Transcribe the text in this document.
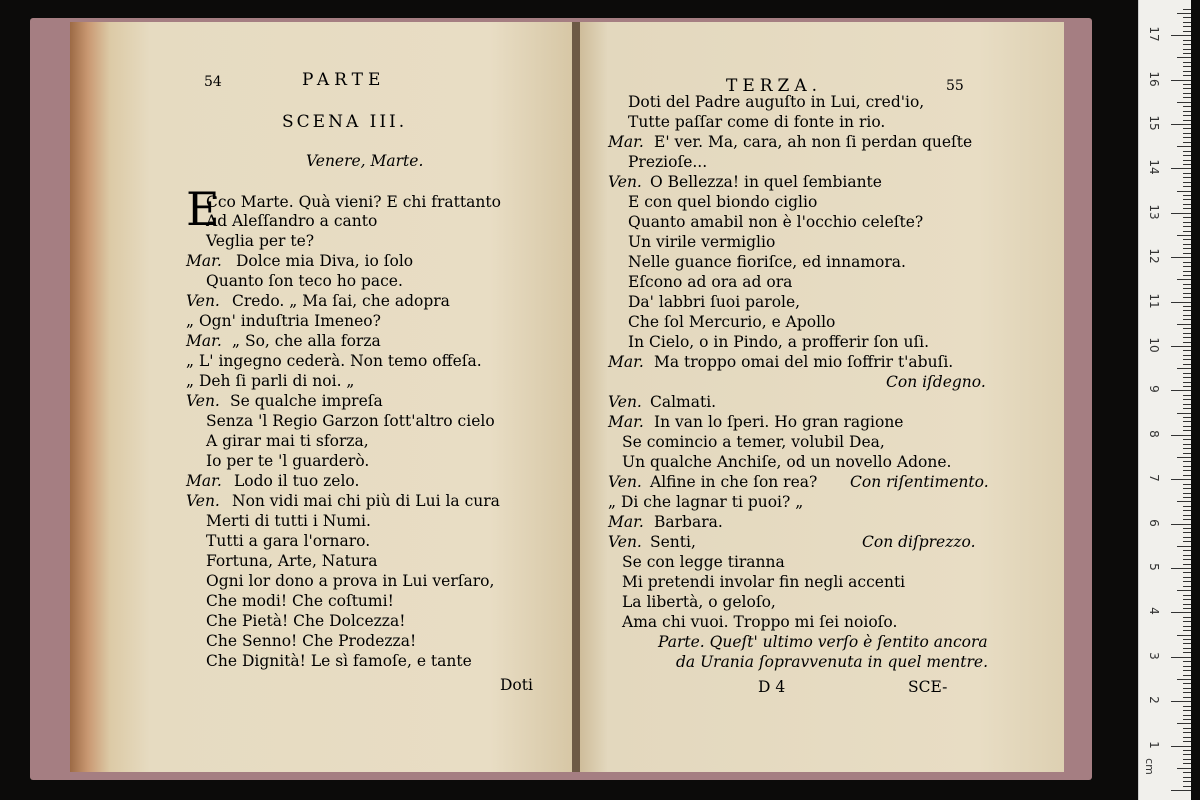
54	PARTE
SCENA III.
Venere, Marte.
E
Doti
TERZA.	55
D 4	SCE-
Cco Marte. Quà vieni? E chi frattanto
Ad Aleſſandro a canto
Veglia per te?
Mar. Dolce mia Diva, io ſolo
Quanto ſon teco ho pace.
Ven. Credo. „ Ma ſai, che adopra
„ Ogn' induſtria Imeneo?
Mar. „ So, che alla forza
„ L' ingegno cederà. Non temo offeſa.
„ Deh ſi parli di noi. „
Ven. Se qualche impreſa
Senza 'l Regio Garzon ſott'altro cielo
A girar mai ti sforza,
Io per te 'l guarderò.
Mar. Lodo il tuo zelo.
Ven. Non vidi mai chi più di Lui la cura
Merti di tutti i Numi.
Tutti a gara l'ornaro.
Fortuna, Arte, Natura
Ogni lor dono a prova in Lui verſaro,
Che modi! Che coſtumi!
Che Pietà! Che Dolcezza!
Che Senno! Che Prodezza!
Che Dignità! Le sì famoſe, e tante
Doti del Padre auguſto in Lui, cred'io,
Tutte paſſar come di fonte in rio.
Mar. E' ver. Ma, cara, ah non ſi perdan queſte
Prezioſe...
Ven. O Bellezza! in quel ſembiante
E con quel biondo ciglio
Quanto amabil non è l'occhio celeſte?
Un virile vermiglio
Nelle guance fioriſce, ed innamora.
Eſcono ad ora ad ora
Da' labbri ſuoi parole,
Che ſol Mercurio, e Apollo
In Cielo, o in Pindo, a profferir ſon uſi.
Mar. Ma troppo omai del mio ſoffrir t'abuſi.
Ven. Calmati.
Mar. In van lo ſperi. Ho gran ragione
Se comincio a temer, volubil Dea,
Un qualche Anchiſe, od un novello Adone.
Ven. Alfine in che ſon rea?
„ Di che lagnar ti puoi? „
Mar. Barbara.
Ven. Senti,
Se con legge tiranna
Mi pretendi involar fin negli accenti
La libertà, o geloſo,
Ama chi vuoi. Troppo mi ſei noioſo.
Con iſdegno.
Con riſentimento.
Con diſprezzo.
Parte. Queſt' ultimo verſo è ſentito ancora
da Urania ſopravvenuta in quel mentre.
cm
1
2
3
4
5
6
7
8
9
10
11
12
13
14
15
16
17
